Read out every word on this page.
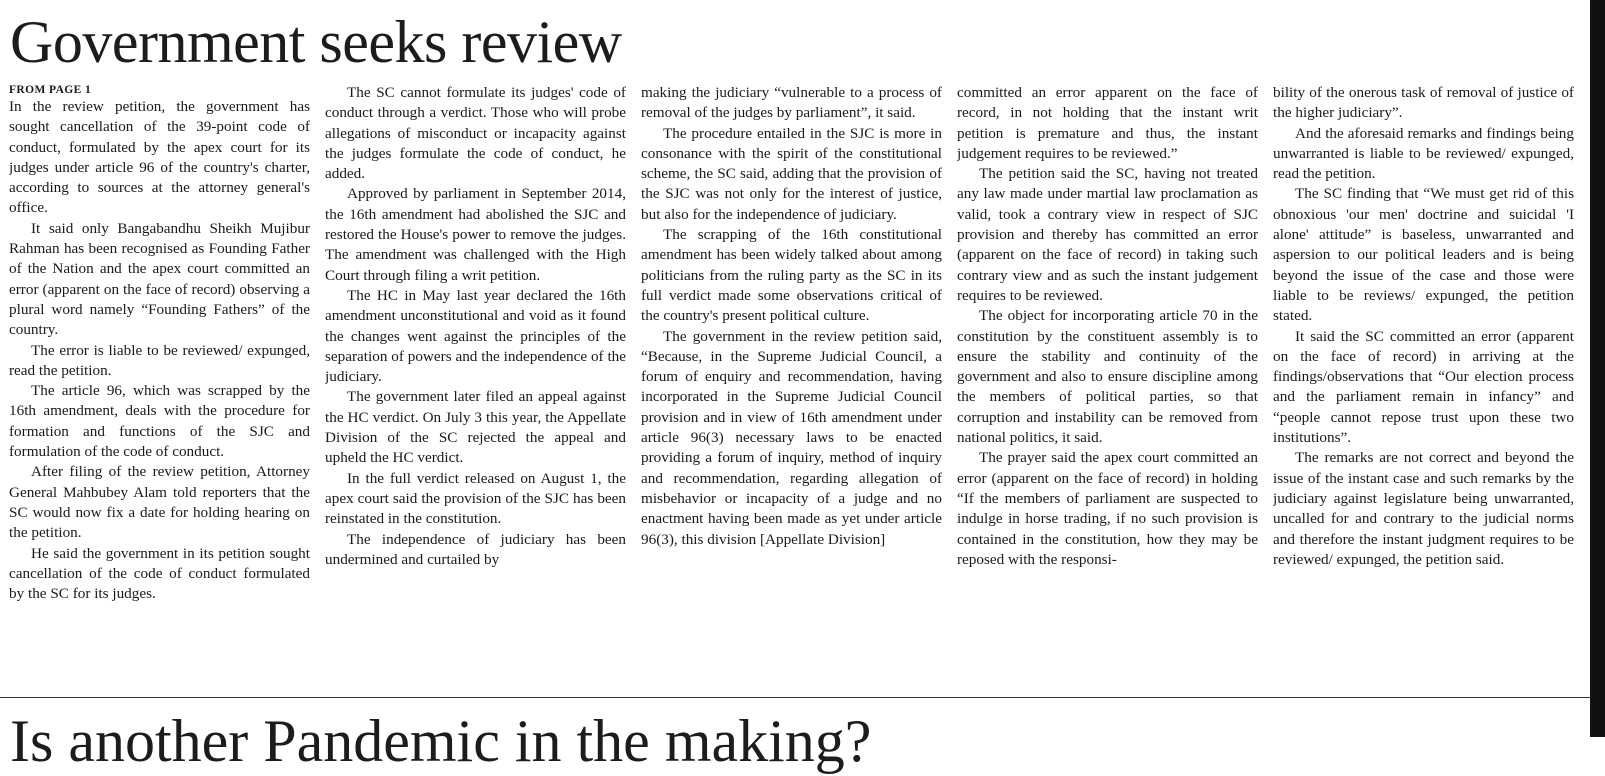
Government seeks review

FROM PAGE 1

In the review petition, the government has sought cancellation of the 39-point code of conduct, formulated by the apex court for its judges under article 96 of the country's charter, according to sources at the attorney general's office.

It said only Bangabandhu Sheikh Mujibur Rahman has been recognised as Founding Father of the Nation and the apex court committed an error (apparent on the face of record) observing a plural word namely “Founding Fathers” of the country.

The error is liable to be reviewed/ expunged, read the petition.

The article 96, which was scrapped by the 16th amendment, deals with the procedure for formation and functions of the SJC and formulation of the code of conduct.

After filing of the review petition, Attorney General Mahbubey Alam told reporters that the SC would now fix a date for holding hearing on the petition.

He said the government in its petition sought cancellation of the code of conduct formulated by the SC for its judges.

The SC cannot formulate its judges' code of conduct through a verdict. Those who will probe allegations of misconduct or incapacity against the judges formulate the code of conduct, he added.

Approved by parliament in September 2014, the 16th amendment had abolished the SJC and restored the House's power to remove the judges. The amendment was challenged with the High Court through filing a writ petition.

The HC in May last year declared the 16th amendment unconstitutional and void as it found the changes went against the principles of the separation of powers and the independence of the judiciary.

The government later filed an appeal against the HC verdict. On July 3 this year, the Appellate Division of the SC rejected the appeal and upheld the HC verdict.

In the full verdict released on August 1, the apex court said the provision of the SJC has been reinstated in the constitution.

The independence of judiciary has been undermined and curtailed by

making the judiciary “vulnerable to a process of removal of the judges by parliament”, it said.

The procedure entailed in the SJC is more in consonance with the spirit of the constitutional scheme, the SC said, adding that the provision of the SJC was not only for the interest of justice, but also for the independence of judiciary.

The scrapping of the 16th constitutional amendment has been widely talked about among politicians from the ruling party as the SC in its full verdict made some observations critical of the country's present political culture.

The government in the review petition said, “Because, in the Supreme Judicial Council, a forum of enquiry and recommendation, having incorporated in the Supreme Judicial Council provision and in view of 16th amendment under article 96(3) necessary laws to be enacted providing a forum of inquiry, method of inquiry and recommendation, regarding allegation of misbehavior or incapacity of a judge and no enactment having been made as yet under article 96(3), this division [Appellate Division]

committed an error apparent on the face of record, in not holding that the instant writ petition is premature and thus, the instant judgement requires to be reviewed.”

The petition said the SC, having not treated any law made under martial law proclamation as valid, took a contrary view in respect of SJC provision and thereby has committed an error (apparent on the face of record) in taking such contrary view and as such the instant judgement requires to be reviewed.

The object for incorporating article 70 in the constitution by the constituent assembly is to ensure the stability and continuity of the government and also to ensure discipline among the members of political parties, so that corruption and instability can be removed from national politics, it said.

The prayer said the apex court committed an error (apparent on the face of record) in holding “If the members of parliament are suspected to indulge in horse trading, if no such provision is contained in the constitution, how they may be reposed with the responsi-

bility of the onerous task of removal of justice of the higher judiciary”.

And the aforesaid remarks and findings being unwarranted is liable to be reviewed/ expunged, read the petition.

The SC finding that “We must get rid of this obnoxious 'our men' doctrine and suicidal 'I alone' attitude” is baseless, unwarranted and aspersion to our political leaders and is being beyond the issue of the case and those were liable to be reviews/ expunged, the petition stated.

It said the SC committed an error (apparent on the face of record) in arriving at the findings/observations that “Our election process and the parliament remain in infancy” and “people cannot repose trust upon these two institutions”.

The remarks are not correct and beyond the issue of the instant case and such remarks by the judiciary against legislature being unwarranted, uncalled for and contrary to the judicial norms and therefore the instant judgment requires to be reviewed/ expunged, the petition said.

Is another Pandemic in the making?
